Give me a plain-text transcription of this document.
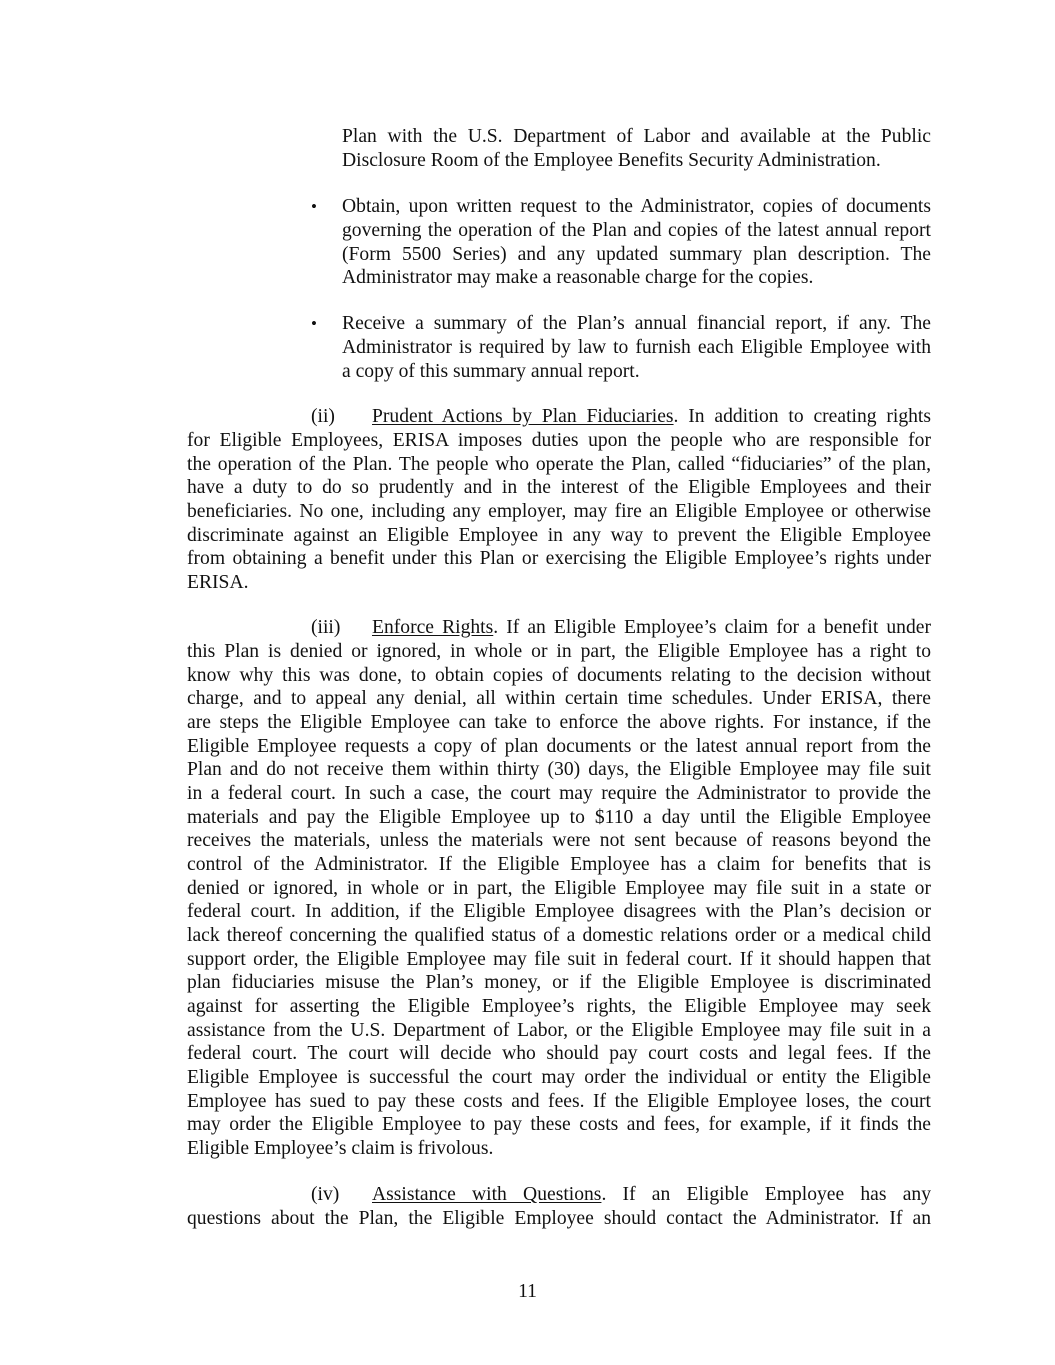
Plan with the U.S. Department of Labor and available at the Public

Disclosure Room of the Employee Benefits Security Administration.

• Obtain, upon written request to the Administrator, copies of documents

governing the operation of the Plan and copies of the latest annual report

(Form 5500 Series) and any updated summary plan description. The

Administrator may make a reasonable charge for the copies.

• Receive a summary of the Plan’s annual financial report, if any. The

Administrator is required by law to furnish each Eligible Employee with

a copy of this summary annual report.

(ii) Prudent Actions by Plan Fiduciaries. In addition to creating rights

for Eligible Employees, ERISA imposes duties upon the people who are responsible for

the operation of the Plan. The people who operate the Plan, called “fiduciaries” of the plan,

have a duty to do so prudently and in the interest of the Eligible Employees and their

beneficiaries. No one, including any employer, may fire an Eligible Employee or otherwise

discriminate against an Eligible Employee in any way to prevent the Eligible Employee

from obtaining a benefit under this Plan or exercising the Eligible Employee’s rights under

ERISA.

(iii) Enforce Rights. If an Eligible Employee’s claim for a benefit under

this Plan is denied or ignored, in whole or in part, the Eligible Employee has a right to

know why this was done, to obtain copies of documents relating to the decision without

charge, and to appeal any denial, all within certain time schedules. Under ERISA, there

are steps the Eligible Employee can take to enforce the above rights. For instance, if the

Eligible Employee requests a copy of plan documents or the latest annual report from the

Plan and do not receive them within thirty (30) days, the Eligible Employee may file suit

in a federal court. In such a case, the court may require the Administrator to provide the

materials and pay the Eligible Employee up to $110 a day until the Eligible Employee

receives the materials, unless the materials were not sent because of reasons beyond the

control of the Administrator. If the Eligible Employee has a claim for benefits that is

denied or ignored, in whole or in part, the Eligible Employee may file suit in a state or

federal court. In addition, if the Eligible Employee disagrees with the Plan’s decision or

lack thereof concerning the qualified status of a domestic relations order or a medical child

support order, the Eligible Employee may file suit in federal court. If it should happen that

plan fiduciaries misuse the Plan’s money, or if the Eligible Employee is discriminated

against for asserting the Eligible Employee’s rights, the Eligible Employee may seek

assistance from the U.S. Department of Labor, or the Eligible Employee may file suit in a

federal court. The court will decide who should pay court costs and legal fees. If the

Eligible Employee is successful the court may order the individual or entity the Eligible

Employee has sued to pay these costs and fees. If the Eligible Employee loses, the court

may order the Eligible Employee to pay these costs and fees, for example, if it finds the

Eligible Employee’s claim is frivolous.

(iv) Assistance with Questions. If an Eligible Employee has any

questions about the Plan, the Eligible Employee should contact the Administrator. If an

11
